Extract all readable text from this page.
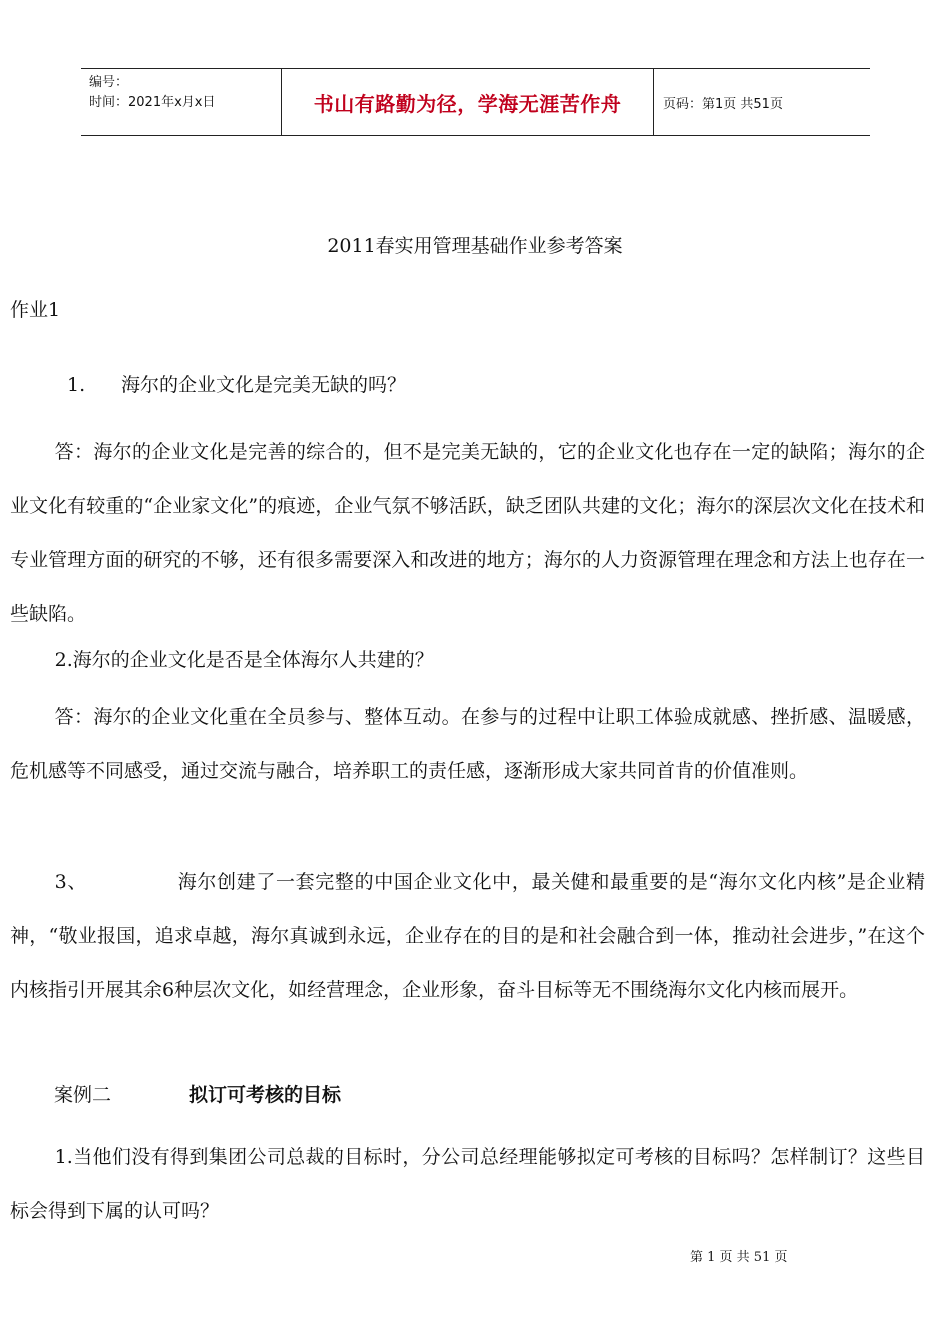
编号：
时间：2021年x月x日	书山有路勤为径，学海无涯苦作舟	页码：第1页 共51页
2011春实用管理基础作业参考答案
作业1
1. 海尔的企业文化是完美无缺的吗？

答：海尔的企业文化是完善的综合的，但不是完美无缺的，它的企业文化也存在一定的缺陷；海尔的企业文化有较重的“企业家文化”的痕迹，企业气氛不够活跃，缺乏团队共建的文化；海尔的深层次文化在技术和专业管理方面的研究的不够，还有很多需要深入和改进的地方；海尔的人力资源管理在理念和方法上也存在一些缺陷。

2.海尔的企业文化是否是全体海尔人共建的？

答：海尔的企业文化重在全员参与、整体互动。在参与的过程中让职工体验成就感、挫折感、温暖感，危机感等不同感受，通过交流与融合，培养职工的责任感，逐渐形成大家共同首肯的价值准则。

3、	海尔创建了一套完整的中国企业文化中，最关健和最重要的是“海尔文化内核”是企业精神，“敬业报国，追求卓越，海尔真诚到永远，企业存在的目的是和社会融合到一体，推动社会进步，”在这个内核指引开展其余6种层次文化，如经营理念，企业形象，奋斗目标等无不围绕海尔文化内核而展开。

案例二	拟订可考核的目标

1.当他们没有得到集团公司总裁的目标时，分公司总经理能够拟定可考核的目标吗？怎样制订？这些目标会得到下属的认可吗？

第 1 页 共 51 页
